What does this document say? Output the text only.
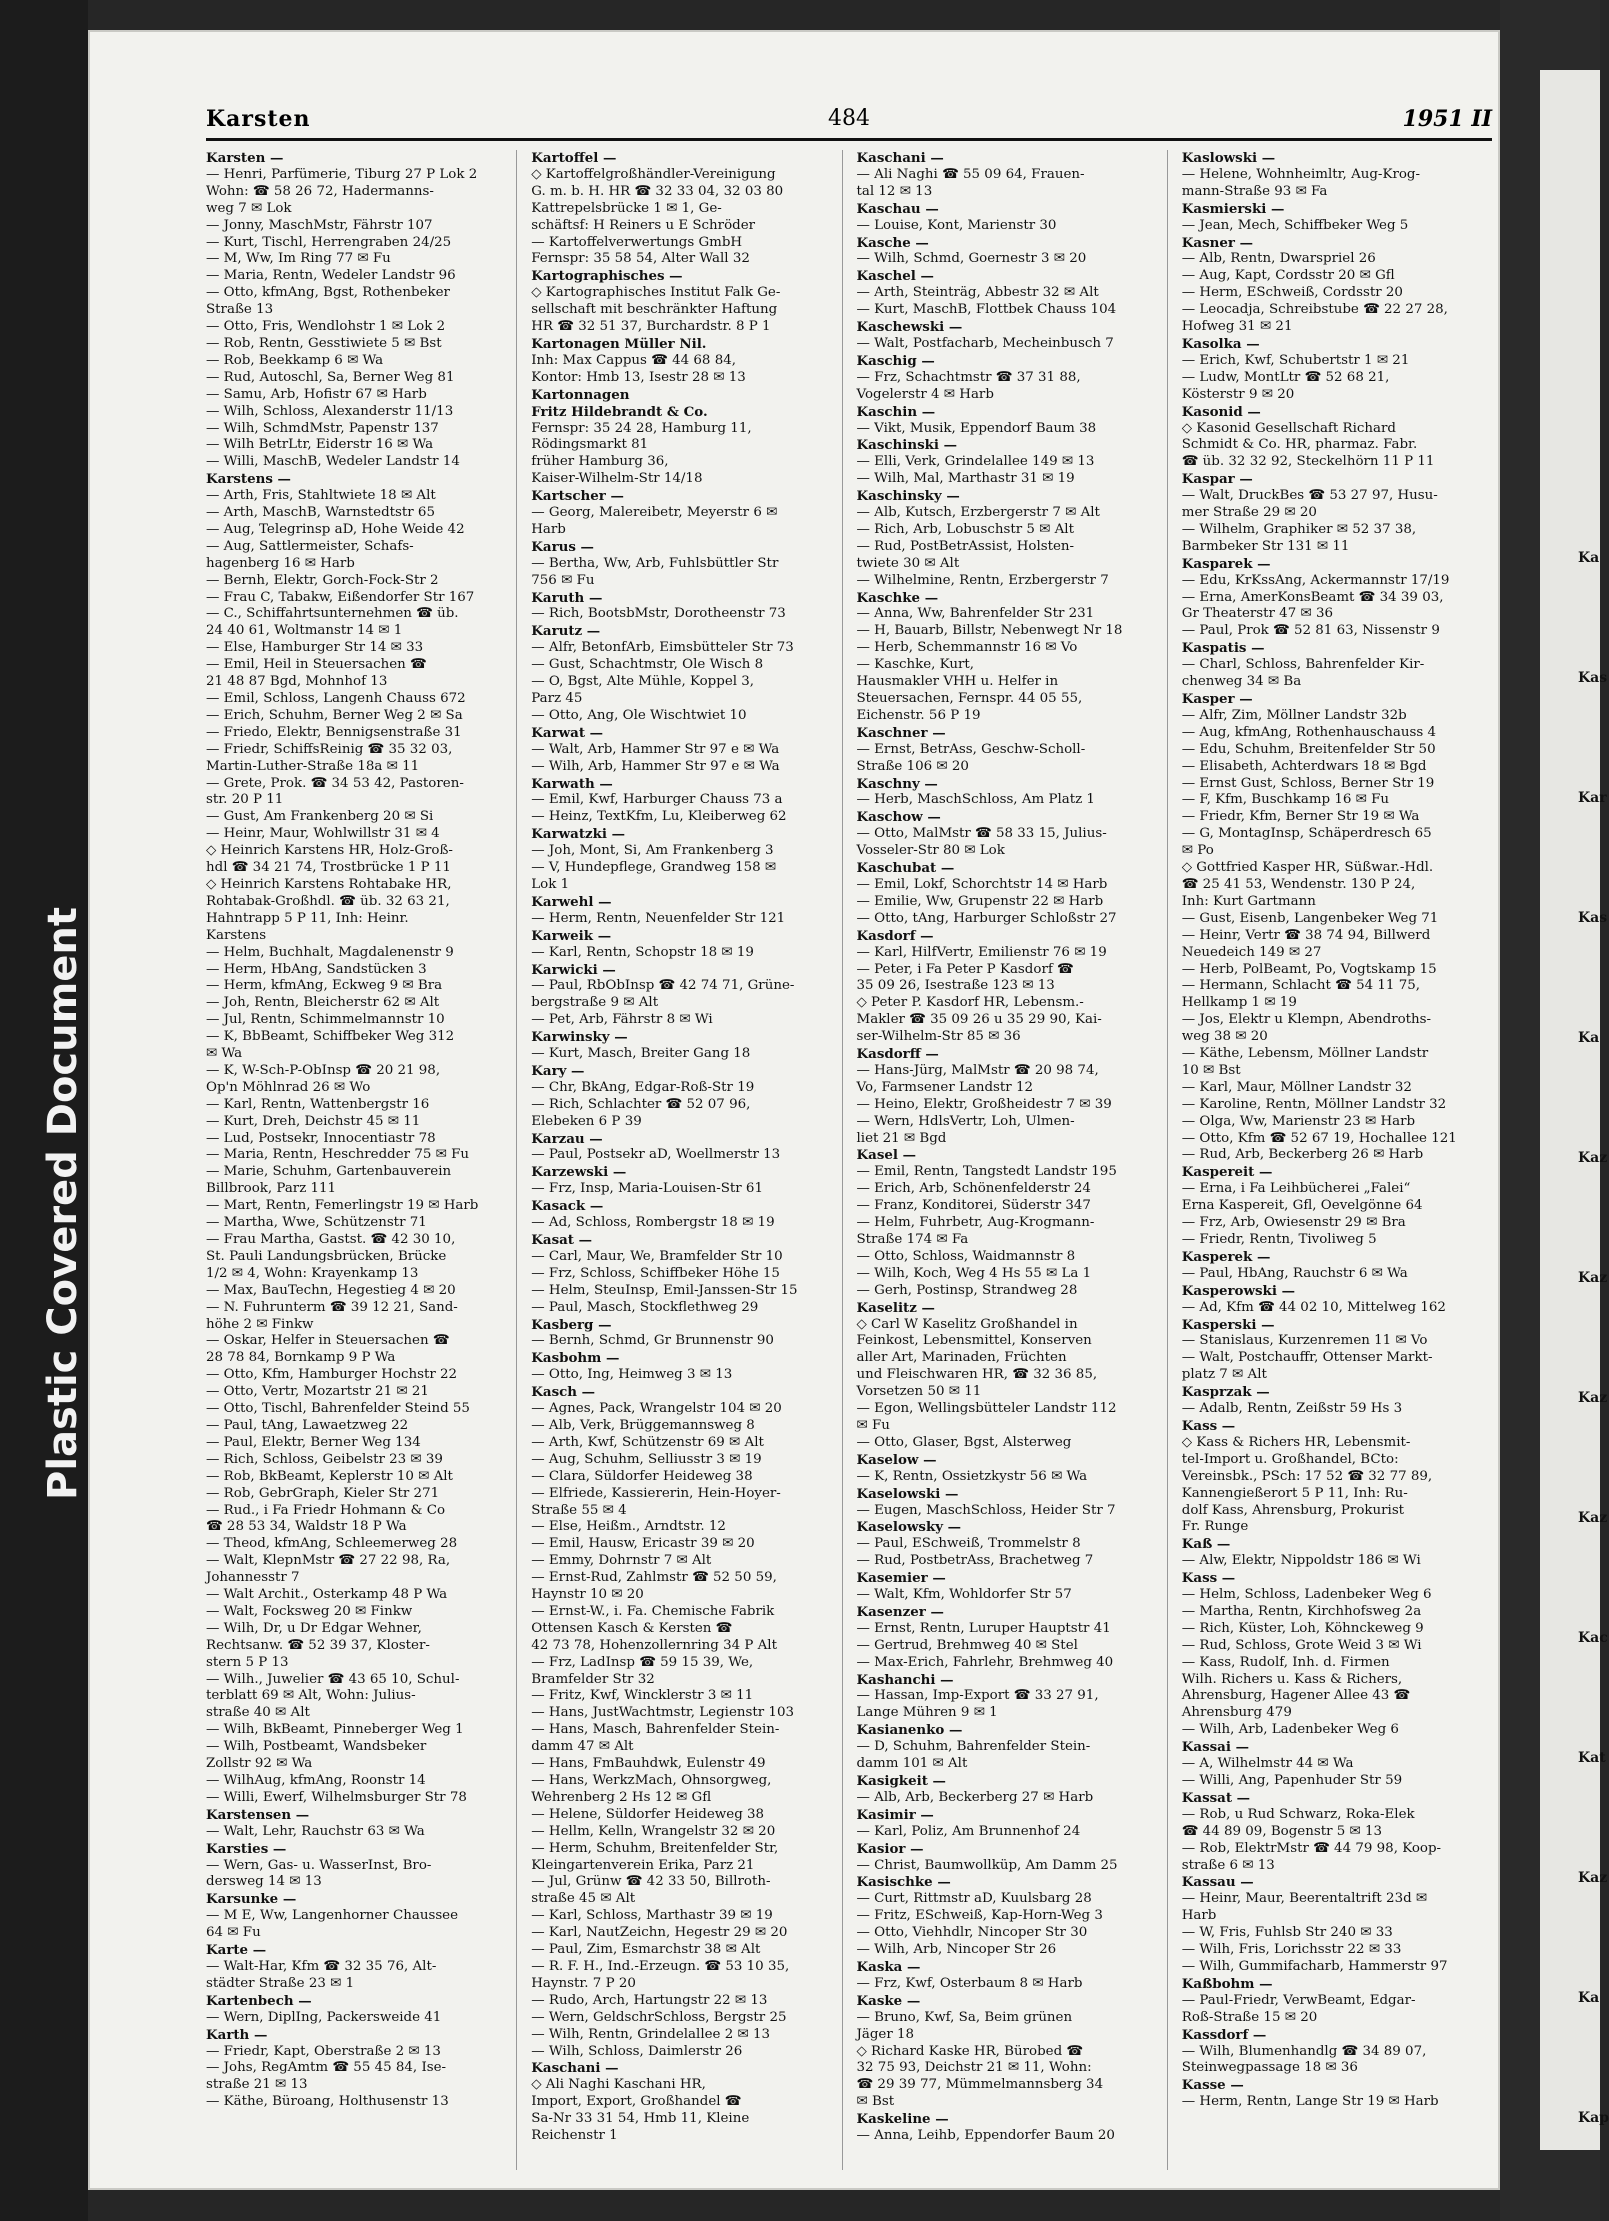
Plastic Covered Document
Ka
Kas
Kar
Kas
Ka
Kaz
Kaz
Kaz
Kaz
Kac
Kat
Kaz
Ka
Kap
Karsten	484	1951 II
Karsten —
— Henri, Parfümerie, Tiburg 27 P Lok 2
Wohn: ☎ 58 26 72, Hadermanns-
weg 7 ✉ Lok
— Jonny, MaschMstr, Fährstr 107
— Kurt, Tischl, Herrengraben 24/25
— M, Ww, Im Ring 77 ✉ Fu
— Maria, Rentn, Wedeler Landstr 96
— Otto, kfmAng, Bgst, Rothenbeker
Straße 13
— Otto, Fris, Wendlohstr 1 ✉ Lok 2
— Rob, Rentn, Gesstiwiete 5 ✉ Bst
— Rob, Beekkamp 6 ✉ Wa
— Rud, Autoschl, Sa, Berner Weg 81
— Samu, Arb, Hofistr 67 ✉ Harb
— Wilh, Schloss, Alexanderstr 11/13
— Wilh, SchmdMstr, Papenstr 137
— Wilh BetrLtr, Eiderstr 16 ✉ Wa
— Willi, MaschB, Wedeler Landstr 14
Karstens —
— Arth, Fris, Stahltwiete 18 ✉ Alt
— Arth, MaschB, Warnstedtstr 65
— Aug, Telegrinsp aD, Hohe Weide 42
— Aug, Sattlermeister, Schafs-
hagenberg 16 ✉ Harb
— Bernh, Elektr, Gorch-Fock-Str 2
— Frau C, Tabakw, Eißendorfer Str 167
— C., Schiffahrtsunternehmen ☎ üb.
24 40 61, Woltmanstr 14 ✉ 1
— Else, Hamburger Str 14 ✉ 33
— Emil, Heil in Steuersachen ☎
21 48 87 Bgd, Mohnhof 13
— Emil, Schloss, Langenh Chauss 672
— Erich, Schuhm, Berner Weg 2 ✉ Sa
— Friedo, Elektr, Bennigsenstraße 31
— Friedr, SchiffsReinig ☎ 35 32 03,
Martin-Luther-Straße 18a ✉ 11
— Grete, Prok. ☎ 34 53 42, Pastoren-
str. 20 P 11
— Gust, Am Frankenberg 20 ✉ Si
— Heinr, Maur, Wohlwillstr 31 ✉ 4
◇ Heinrich Karstens HR, Holz-Groß-
hdl ☎ 34 21 74, Trostbrücke 1 P 11
◇ Heinrich Karstens Rohtabake HR,
Rohtabak-Großhdl. ☎ üb. 32 63 21,
Hahntrapp 5 P 11, Inh: Heinr.
Karstens
— Helm, Buchhalt, Magdalenenstr 9
— Herm, HbAng, Sandstücken 3
— Herm, kfmAng, Eckweg 9 ✉ Bra
— Joh, Rentn, Bleicherstr 62 ✉ Alt
— Jul, Rentn, Schimmelmannstr 10
— K, BbBeamt, Schiffbeker Weg 312
✉ Wa
— K, W-Sch-P-ObInsp ☎ 20 21 98,
Op'n Möhlnrad 26 ✉ Wo
— Karl, Rentn, Wattenbergstr 16
— Kurt, Dreh, Deichstr 45 ✉ 11
— Lud, Postsekr, Innocentiastr 78
— Maria, Rentn, Heschredder 75 ✉ Fu
— Marie, Schuhm, Gartenbauverein
Billbrook, Parz 111
— Mart, Rentn, Femerlingstr 19 ✉ Harb
— Martha, Wwe, Schützenstr 71
— Frau Martha, Gastst. ☎ 42 30 10,
St. Pauli Landungsbrücken, Brücke
1/2 ✉ 4, Wohn: Krayenkamp 13
— Max, BauTechn, Hegestieg 4 ✉ 20
— N. Fuhrunterm ☎ 39 12 21, Sand-
höhe 2 ✉ Finkw
— Oskar, Helfer in Steuersachen ☎
28 78 84, Bornkamp 9 P Wa
— Otto, Kfm, Hamburger Hochstr 22
— Otto, Vertr, Mozartstr 21 ✉ 21
— Otto, Tischl, Bahrenfelder Steind 55
— Paul, tAng, Lawaetzweg 22
— Paul, Elektr, Berner Weg 134
— Rich, Schloss, Geibelstr 23 ✉ 39
— Rob, BkBeamt, Keplerstr 10 ✉ Alt
— Rob, GebrGraph, Kieler Str 271
— Rud., i Fa Friedr Hohmann & Co
☎ 28 53 34, Waldstr 18 P Wa
— Theod, kfmAng, Schleemerweg 28
— Walt, KlepnMstr ☎ 27 22 98, Ra,
Johannesstr 7
— Walt Archit., Osterkamp 48 P Wa
— Walt, Focksweg 20 ✉ Finkw
— Wilh, Dr, u Dr Edgar Wehner,
Rechtsanw. ☎ 52 39 37, Kloster-
stern 5 P 13
— Wilh., Juwelier ☎ 43 65 10, Schul-
terblatt 69 ✉ Alt, Wohn: Julius-
straße 40 ✉ Alt
— Wilh, BkBeamt, Pinneberger Weg 1
— Wilh, Postbeamt, Wandsbeker
Zollstr 92 ✉ Wa
— WilhAug, kfmAng, Roonstr 14
— Willi, Ewerf, Wilhelmsburger Str 78
Karstensen —
— Walt, Lehr, Rauchstr 63 ✉ Wa
Karsties —
— Wern, Gas- u. WasserInst, Bro-
dersweg 14 ✉ 13
Karsunke —
— M E, Ww, Langenhorner Chaussee
64 ✉ Fu
Karte —
— Walt-Har, Kfm ☎ 32 35 76, Alt-
städter Straße 23 ✉ 1
Kartenbech —
— Wern, DiplIng, Packersweide 41
Karth —
— Friedr, Kapt, Oberstraße 2 ✉ 13
— Johs, RegAmtm ☎ 55 45 84, Ise-
straße 21 ✉ 13
— Käthe, Büroang, Holthusenstr 13
Kartoffel —
◇ Kartoffelgroßhändler-Vereinigung
G. m. b. H. HR ☎ 32 33 04, 32 03 80
Kattrepelsbrücke 1 ✉ 1, Ge-
schäftsf: H Reiners u E Schröder
— Kartoffelverwertungs GmbH
Fernspr: 35 58 54, Alter Wall 32
Kartographisches —
◇ Kartographisches Institut Falk Ge-
sellschaft mit beschränkter Haftung
HR ☎ 32 51 37, Burchardstr. 8 P 1
Kartonagen Müller Nil.
Inh: Max Cappus ☎ 44 68 84,
Kontor: Hmb 13, Isestr 28 ✉ 13
Kartonnagen
Fritz Hildebrandt & Co.
Fernspr: 35 24 28, Hamburg 11,
Rödingsmarkt 81
früher Hamburg 36,
Kaiser-Wilhelm-Str 14/18
Kartscher —
— Georg, Malereibetr, Meyerstr 6 ✉
Harb
Karus —
— Bertha, Ww, Arb, Fuhlsbüttler Str
756 ✉ Fu
Karuth —
— Rich, BootsbMstr, Dorotheenstr 73
Karutz —
— Alfr, BetonfArb, Eimsbütteler Str 73
— Gust, Schachtmstr, Ole Wisch 8
— O, Bgst, Alte Mühle, Koppel 3,
Parz 45
— Otto, Ang, Ole Wischtwiet 10
Karwat —
— Walt, Arb, Hammer Str 97 e ✉ Wa
— Wilh, Arb, Hammer Str 97 e ✉ Wa
Karwath —
— Emil, Kwf, Harburger Chauss 73 a
— Heinz, TextKfm, Lu, Kleiberweg 62
Karwatzki —
— Joh, Mont, Si, Am Frankenberg 3
— V, Hundepflege, Grandweg 158 ✉
Lok 1
Karwehl —
— Herm, Rentn, Neuenfelder Str 121
Karweik —
— Karl, Rentn, Schopstr 18 ✉ 19
Karwicki —
— Paul, RbObInsp ☎ 42 74 71, Grüne-
bergstraße 9 ✉ Alt
— Pet, Arb, Fährstr 8 ✉ Wi
Karwinsky —
— Kurt, Masch, Breiter Gang 18
Kary —
— Chr, BkAng, Edgar-Roß-Str 19
— Rich, Schlachter ☎ 52 07 96,
Elebeken 6 P 39
Karzau —
— Paul, Postsekr aD, Woellmerstr 13
Karzewski —
— Frz, Insp, Maria-Louisen-Str 61
Kasack —
— Ad, Schloss, Rombergstr 18 ✉ 19
Kasat —
— Carl, Maur, We, Bramfelder Str 10
— Frz, Schloss, Schiffbeker Höhe 15
— Helm, SteuInsp, Emil-Janssen-Str 15
— Paul, Masch, Stockflethweg 29
Kasberg —
— Bernh, Schmd, Gr Brunnenstr 90
Kasbohm —
— Otto, Ing, Heimweg 3 ✉ 13
Kasch —
— Agnes, Pack, Wrangelstr 104 ✉ 20
— Alb, Verk, Brüggemannsweg 8
— Arth, Kwf, Schützenstr 69 ✉ Alt
— Aug, Schuhm, Selliusstr 3 ✉ 19
— Clara, Süldorfer Heideweg 38
— Elfriede, Kassiererin, Hein-Hoyer-
Straße 55 ✉ 4
— Else, Heißm., Arndtstr. 12
— Emil, Hausw, Ericastr 39 ✉ 20
— Emmy, Dohrnstr 7 ✉ Alt
— Ernst-Rud, Zahlmstr ☎ 52 50 59,
Haynstr 10 ✉ 20
— Ernst-W., i. Fa. Chemische Fabrik
Ottensen Kasch & Kersten ☎
42 73 78, Hohenzollernring 34 P Alt
— Frz, LadInsp ☎ 59 15 39, We,
Bramfelder Str 32
— Fritz, Kwf, Wincklerstr 3 ✉ 11
— Hans, JustWachtmstr, Legienstr 103
— Hans, Masch, Bahrenfelder Stein-
damm 47 ✉ Alt
— Hans, FmBauhdwk, Eulenstr 49
— Hans, WerkzMach, Ohnsorgweg,
Wehrenberg 2 Hs 12 ✉ Gfl
— Helene, Süldorfer Heideweg 38
— Hellm, Kelln, Wrangelstr 32 ✉ 20
— Herm, Schuhm, Breitenfelder Str,
Kleingartenverein Erika, Parz 21
— Jul, Grünw ☎ 42 33 50, Billroth-
straße 45 ✉ Alt
— Karl, Schloss, Marthastr 39 ✉ 19
— Karl, NautZeichn, Hegestr 29 ✉ 20
— Paul, Zim, Esmarchstr 38 ✉ Alt
— R. F. H., Ind.-Erzeugn. ☎ 53 10 35,
Haynstr. 7 P 20
— Rudo, Arch, Hartungstr 22 ✉ 13
— Wern, GeldschrSchloss, Bergstr 25
— Wilh, Rentn, Grindelallee 2 ✉ 13
— Wilh, Schloss, Daimlerstr 26
Kaschani —
◇ Ali Naghi Kaschani HR,
Import, Export, Großhandel ☎
Sa-Nr 33 31 54, Hmb 11, Kleine
Reichenstr 1
Kaschani —
— Ali Naghi ☎ 55 09 64, Frauen-
tal 12 ✉ 13
Kaschau —
— Louise, Kont, Marienstr 30
Kasche —
— Wilh, Schmd, Goernestr 3 ✉ 20
Kaschel —
— Arth, Steinträg, Abbestr 32 ✉ Alt
— Kurt, MaschB, Flottbek Chauss 104
Kaschewski —
— Walt, Postfacharb, Mecheinbusch 7
Kaschig —
— Frz, Schachtmstr ☎ 37 31 88,
Vogelerstr 4 ✉ Harb
Kaschin —
— Vikt, Musik, Eppendorf Baum 38
Kaschinski —
— Elli, Verk, Grindelallee 149 ✉ 13
— Wilh, Mal, Marthastr 31 ✉ 19
Kaschinsky —
— Alb, Kutsch, Erzbergerstr 7 ✉ Alt
— Rich, Arb, Lobuschstr 5 ✉ Alt
— Rud, PostBetrAssist, Holsten-
twiete 30 ✉ Alt
— Wilhelmine, Rentn, Erzbergerstr 7
Kaschke —
— Anna, Ww, Bahrenfelder Str 231
— H, Bauarb, Billstr, Nebenwegt Nr 18
— Herb, Schemmannstr 16 ✉ Vo
— Kaschke, Kurt,
Hausmakler VHH u. Helfer in
Steuersachen, Fernspr. 44 05 55,
Eichenstr. 56 P 19
Kaschner —
— Ernst, BetrAss, Geschw-Scholl-
Straße 106 ✉ 20
Kaschny —
— Herb, MaschSchloss, Am Platz 1
Kaschow —
— Otto, MalMstr ☎ 58 33 15, Julius-
Vosseler-Str 80 ✉ Lok
Kaschubat —
— Emil, Lokf, Schorchtstr 14 ✉ Harb
— Emilie, Ww, Grupenstr 22 ✉ Harb
— Otto, tAng, Harburger Schloßstr 27
Kasdorf —
— Karl, HilfVertr, Emilienstr 76 ✉ 19
— Peter, i Fa Peter P Kasdorf ☎
35 09 26, Isestraße 123 ✉ 13
◇ Peter P. Kasdorf HR, Lebensm.-
Makler ☎ 35 09 26 u 35 29 90, Kai-
ser-Wilhelm-Str 85 ✉ 36
Kasdorff —
— Hans-Jürg, MalMstr ☎ 20 98 74,
Vo, Farmsener Landstr 12
— Heino, Elektr, Großheidestr 7 ✉ 39
— Wern, HdlsVertr, Loh, Ulmen-
liet 21 ✉ Bgd
Kasel —
— Emil, Rentn, Tangstedt Landstr 195
— Erich, Arb, Schönenfelderstr 24
— Franz, Konditorei, Süderstr 347
— Helm, Fuhrbetr, Aug-Krogmann-
Straße 174 ✉ Fa
— Otto, Schloss, Waidmannstr 8
— Wilh, Koch, Weg 4 Hs 55 ✉ La 1
— Gerh, Postinsp, Strandweg 28
Kaselitz —
◇ Carl W Kaselitz Großhandel in
Feinkost, Lebensmittel, Konserven
aller Art, Marinaden, Früchten
und Fleischwaren HR, ☎ 32 36 85,
Vorsetzen 50 ✉ 11
— Egon, Wellingsbütteler Landstr 112
✉ Fu
— Otto, Glaser, Bgst, Alsterweg
Kaselow —
— K, Rentn, Ossietzkystr 56 ✉ Wa
Kaselowski —
— Eugen, MaschSchloss, Heider Str 7
Kaselowsky —
— Paul, ESchweiß, Trommelstr 8
— Rud, PostbetrAss, Brachetweg 7
Kasemier —
— Walt, Kfm, Wohldorfer Str 57
Kasenzer —
— Ernst, Rentn, Luruper Hauptstr 41
— Gertrud, Brehmweg 40 ✉ Stel
— Max-Erich, Fahrlehr, Brehmweg 40
Kashanchi —
— Hassan, Imp-Export ☎ 33 27 91,
Lange Mühren 9 ✉ 1
Kasianenko —
— D, Schuhm, Bahrenfelder Stein-
damm 101 ✉ Alt
Kasigkeit —
— Alb, Arb, Beckerberg 27 ✉ Harb
Kasimir —
— Karl, Poliz, Am Brunnenhof 24
Kasior —
— Christ, Baumwollküp, Am Damm 25
Kasischke —
— Curt, Rittmstr aD, Kuulsbarg 28
— Fritz, ESchweiß, Kap-Horn-Weg 3
— Otto, Viehhdlr, Nincoper Str 30
— Wilh, Arb, Nincoper Str 26
Kaska —
— Frz, Kwf, Osterbaum 8 ✉ Harb
Kaske —
— Bruno, Kwf, Sa, Beim grünen
Jäger 18
◇ Richard Kaske HR, Bürobed ☎
32 75 93, Deichstr 21 ✉ 11, Wohn:
☎ 29 39 77, Mümmelmannsberg 34
✉ Bst
Kaskeline —
— Anna, Leihb, Eppendorfer Baum 20
Kaslowski —
— Helene, Wohnheimltr, Aug-Krog-
mann-Straße 93 ✉ Fa
Kasmierski —
— Jean, Mech, Schiffbeker Weg 5
Kasner —
— Alb, Rentn, Dwarspriel 26
— Aug, Kapt, Cordsstr 20 ✉ Gfl
— Herm, ESchweiß, Cordsstr 20
— Leocadja, Schreibstube ☎ 22 27 28,
Hofweg 31 ✉ 21
Kasolka —
— Erich, Kwf, Schubertstr 1 ✉ 21
— Ludw, MontLtr ☎ 52 68 21,
Kösterstr 9 ✉ 20
Kasonid —
◇ Kasonid Gesellschaft Richard
Schmidt & Co. HR, pharmaz. Fabr.
☎ üb. 32 32 92, Steckelhörn 11 P 11
Kaspar —
— Walt, DruckBes ☎ 53 27 97, Husu-
mer Straße 29 ✉ 20
— Wilhelm, Graphiker ✉ 52 37 38,
Barmbeker Str 131 ✉ 11
Kasparek —
— Edu, KrKssAng, Ackermannstr 17/19
— Erna, AmerKonsBeamt ☎ 34 39 03,
Gr Theaterstr 47 ✉ 36
— Paul, Prok ☎ 52 81 63, Nissenstr 9
Kaspatis —
— Charl, Schloss, Bahrenfelder Kir-
chenweg 34 ✉ Ba
Kasper —
— Alfr, Zim, Möllner Landstr 32b
— Aug, kfmAng, Rothenhauschauss 4
— Edu, Schuhm, Breitenfelder Str 50
— Elisabeth, Achterdwars 18 ✉ Bgd
— Ernst Gust, Schloss, Berner Str 19
— F, Kfm, Buschkamp 16 ✉ Fu
— Friedr, Kfm, Berner Str 19 ✉ Wa
— G, MontagInsp, Schäperdresch 65
✉ Po
◇ Gottfried Kasper HR, Süßwar.-Hdl.
☎ 25 41 53, Wendenstr. 130 P 24,
Inh: Kurt Gartmann
— Gust, Eisenb, Langenbeker Weg 71
— Heinr, Vertr ☎ 38 74 94, Billwerd
Neuedeich 149 ✉ 27
— Herb, PolBeamt, Po, Vogtskamp 15
— Hermann, Schlacht ☎ 54 11 75,
Hellkamp 1 ✉ 19
— Jos, Elektr u Klempn, Abendroths-
weg 38 ✉ 20
— Käthe, Lebensm, Möllner Landstr
10 ✉ Bst
— Karl, Maur, Möllner Landstr 32
— Karoline, Rentn, Möllner Landstr 32
— Olga, Ww, Marienstr 23 ✉ Harb
— Otto, Kfm ☎ 52 67 19, Hochallee 121
— Rud, Arb, Beckerberg 26 ✉ Harb
Kaspereit —
— Erna, i Fa Leihbücherei „Falei“
Erna Kaspereit, Gfl, Oevelgönne 64
— Frz, Arb, Owiesenstr 29 ✉ Bra
— Friedr, Rentn, Tivoliweg 5
Kasperek —
— Paul, HbAng, Rauchstr 6 ✉ Wa
Kasperowski —
— Ad, Kfm ☎ 44 02 10, Mittelweg 162
Kasperski —
— Stanislaus, Kurzenremen 11 ✉ Vo
— Walt, Postchauffr, Ottenser Markt-
platz 7 ✉ Alt
Kasprzak —
— Adalb, Rentn, Zeißstr 59 Hs 3
Kass —
◇ Kass & Richers HR, Lebensmit-
tel-Import u. Großhandel, BCto:
Vereinsbk., PSch: 17 52 ☎ 32 77 89,
Kannengießerort 5 P 11, Inh: Ru-
dolf Kass, Ahrensburg, Prokurist
Fr. Runge
Kaß —
— Alw, Elektr, Nippoldstr 186 ✉ Wi
Kass —
— Helm, Schloss, Ladenbeker Weg 6
— Martha, Rentn, Kirchhofsweg 2a
— Rich, Küster, Loh, Köhnckeweg 9
— Rud, Schloss, Grote Weid 3 ✉ Wi
— Kass, Rudolf, Inh. d. Firmen
Wilh. Richers u. Kass & Richers,
Ahrensburg, Hagener Allee 43 ☎
Ahrensburg 479
— Wilh, Arb, Ladenbeker Weg 6
Kassai —
— A, Wilhelmstr 44 ✉ Wa
— Willi, Ang, Papenhuder Str 59
Kassat —
— Rob, u Rud Schwarz, Roka-Elek
☎ 44 89 09, Bogenstr 5 ✉ 13
— Rob, ElektrMstr ☎ 44 79 98, Koop-
straße 6 ✉ 13
Kassau —
— Heinr, Maur, Beerentaltrift 23d ✉
Harb
— W, Fris, Fuhlsb Str 240 ✉ 33
— Wilh, Fris, Lorichsstr 22 ✉ 33
— Wilh, Gummifacharb, Hammerstr 97
Kaßbohm —
— Paul-Friedr, VerwBeamt, Edgar-
Roß-Straße 15 ✉ 20
Kassdorf —
— Wilh, Blumenhandlg ☎ 34 89 07,
Steinwegpassage 18 ✉ 36
Kasse —
— Herm, Rentn, Lange Str 19 ✉ Harb
